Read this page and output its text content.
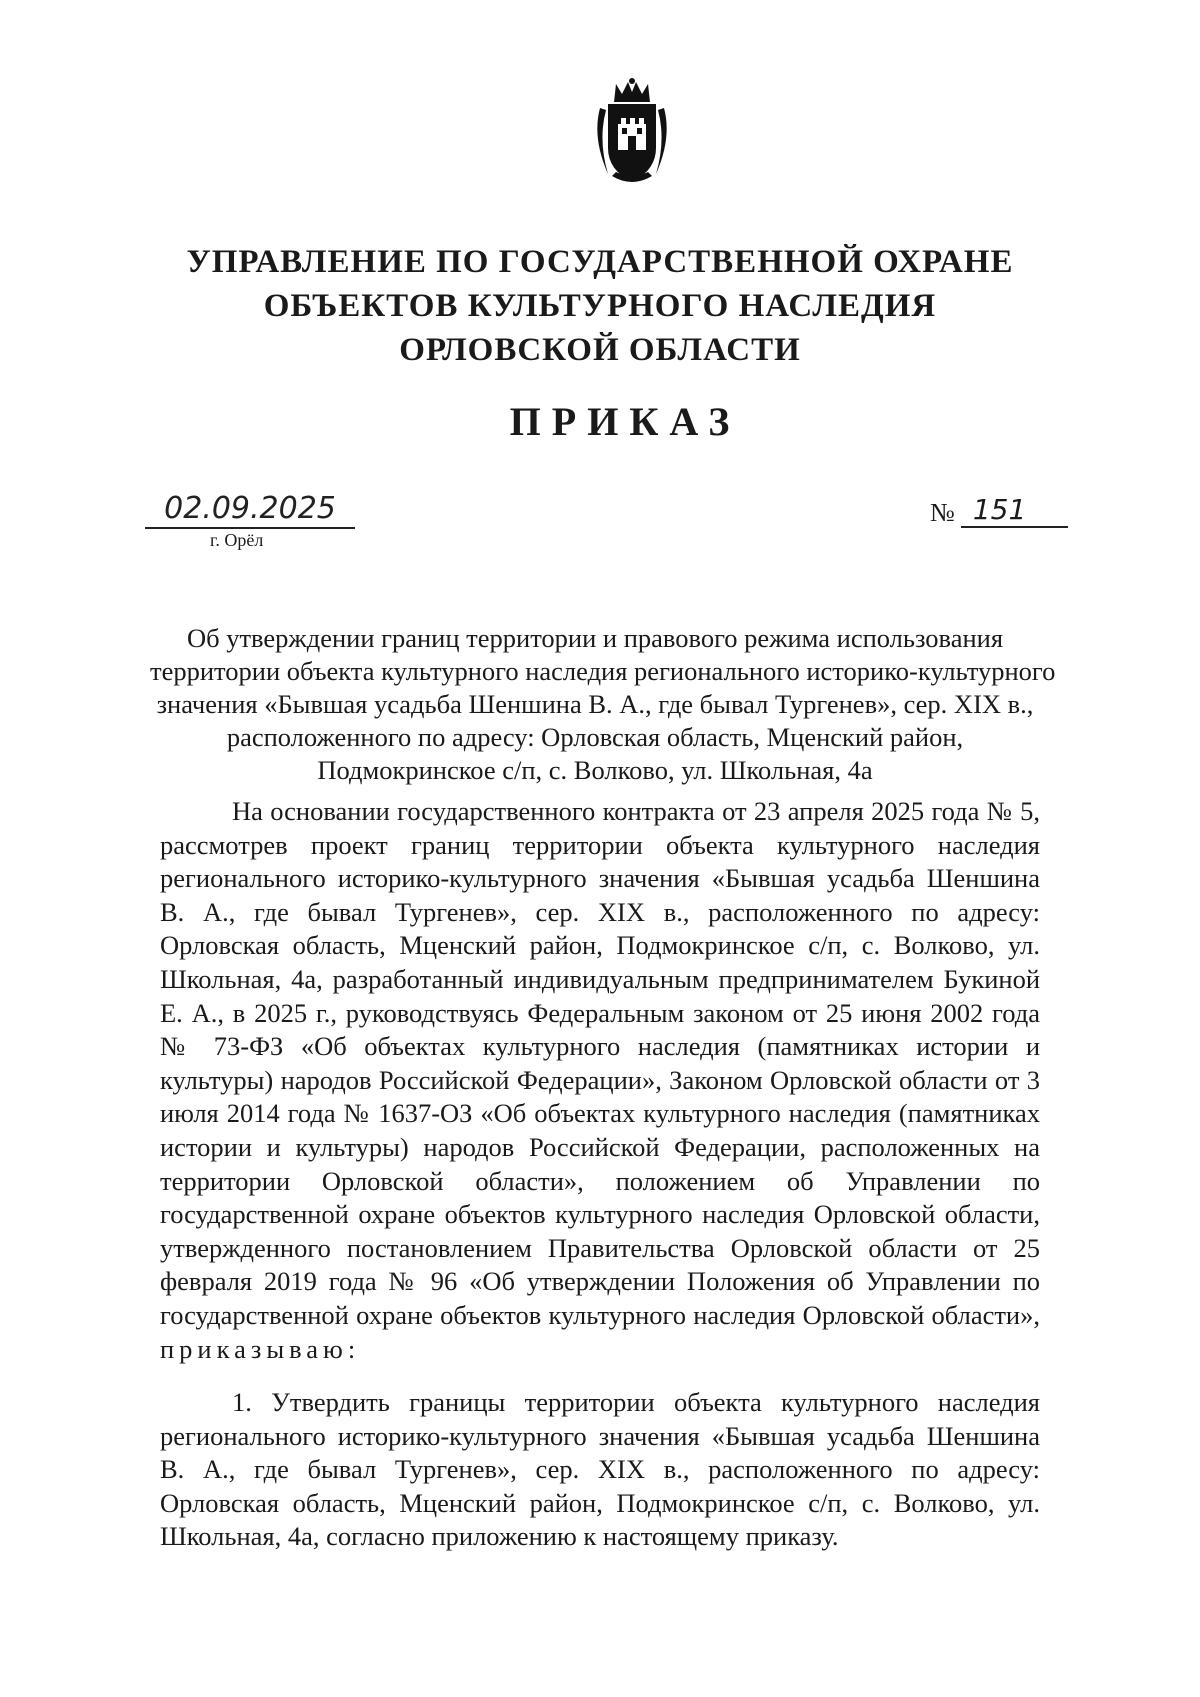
УПРАВЛЕНИЕ ПО ГОСУДАРСТВЕННОЙ ОХРАНЕ
ОБЪЕКТОВ КУЛЬТУРНОГО НАСЛЕДИЯ
ОРЛОВСКОЙ ОБЛАСТИ
ПРИКАЗ
02.09.2025
г. Орёл
№ 151
Об утверждении границ территории и правового режима использования
территории объекта культурного наследия регионального историко-культурного
значения «Бывшая усадьба Шеншина В. А., где бывал Тургенев», сер. XIX в.,
расположенного по адресу: Орловская область, Мценский район,
Подмокринское с/п, с. Волково, ул. Школьная, 4а

На основании государственного контракта от 23 апреля 2025 года № 5, рассмотрев проект границ территории объекта культурного наследия регионального историко-культурного значения «Бывшая усадьба Шеншина В. А., где бывал Тургенев», сер. XIX в., расположенного по адресу: Орловская область, Мценский район, Подмокринское с/п, с. Волково, ул. Школьная, 4а, разработанный индивидуальным предпринимателем Букиной Е. А., в 2025 г., руководствуясь Федеральным законом от 25 июня 2002 года № 73-ФЗ «Об объектах культурного наследия (памятниках истории и культуры) народов Российской Федерации», Законом Орловской области от 3 июля 2014 года № 1637-ОЗ «Об объектах культурного наследия (памятниках истории и культуры) народов Российской Федерации, расположенных на территории Орловской области», положением об Управлении по государственной охране объектов культурного наследия Орловской области, утвержденного постановлением Правительства Орловской области от 25 февраля 2019 года № 96 «Об утверждении Положения об Управлении по государственной охране объектов культурного наследия Орловской области», приказываю:

1. Утвердить границы территории объекта культурного наследия регионального историко-культурного значения «Бывшая усадьба Шеншина В. А., где бывал Тургенев», сер. XIX в., расположенного по адресу: Орловская область, Мценский район, Подмокринское с/п, с. Волково, ул. Школьная, 4а, согласно приложению к настоящему приказу.
